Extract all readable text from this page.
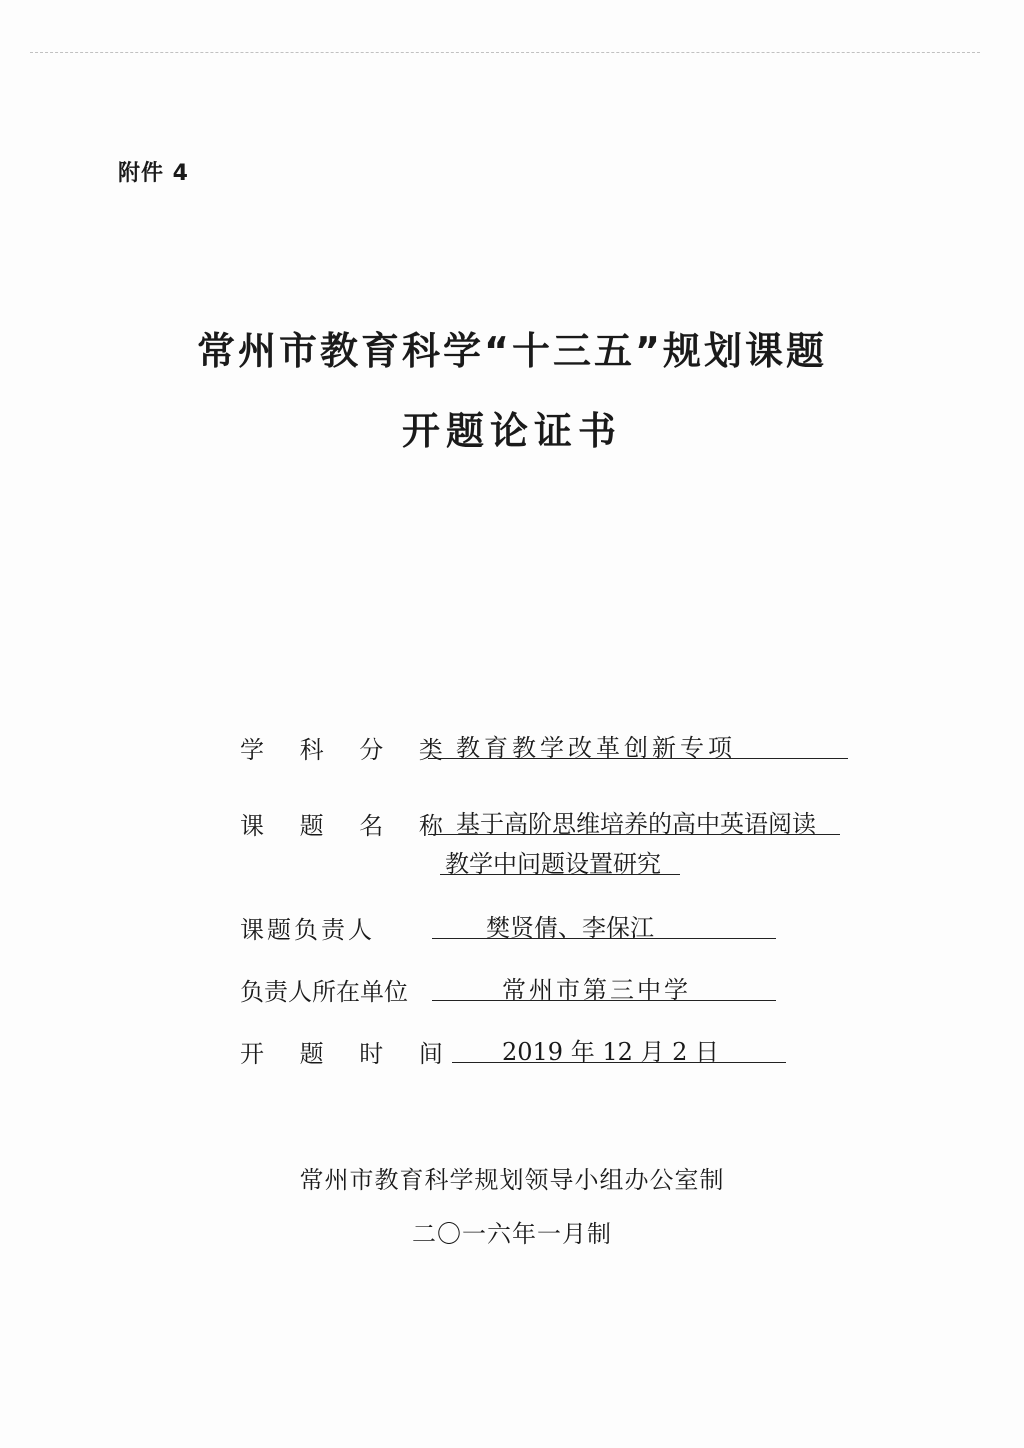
附件 4
常州市教育科学“十三五”规划课题
开题论证书
学 科 分 类 教育教学改革创新专项
课 题 名 称 基于高阶思维培养的高中英语阅读
教学中问题设置研究
课题负责人	樊贤倩、李保江
负责人所在单位	常州市第三中学
开 题 时 间 2019 年 12 月 2 日
常州市教育科学规划领导小组办公室制
二〇一六年一月制
